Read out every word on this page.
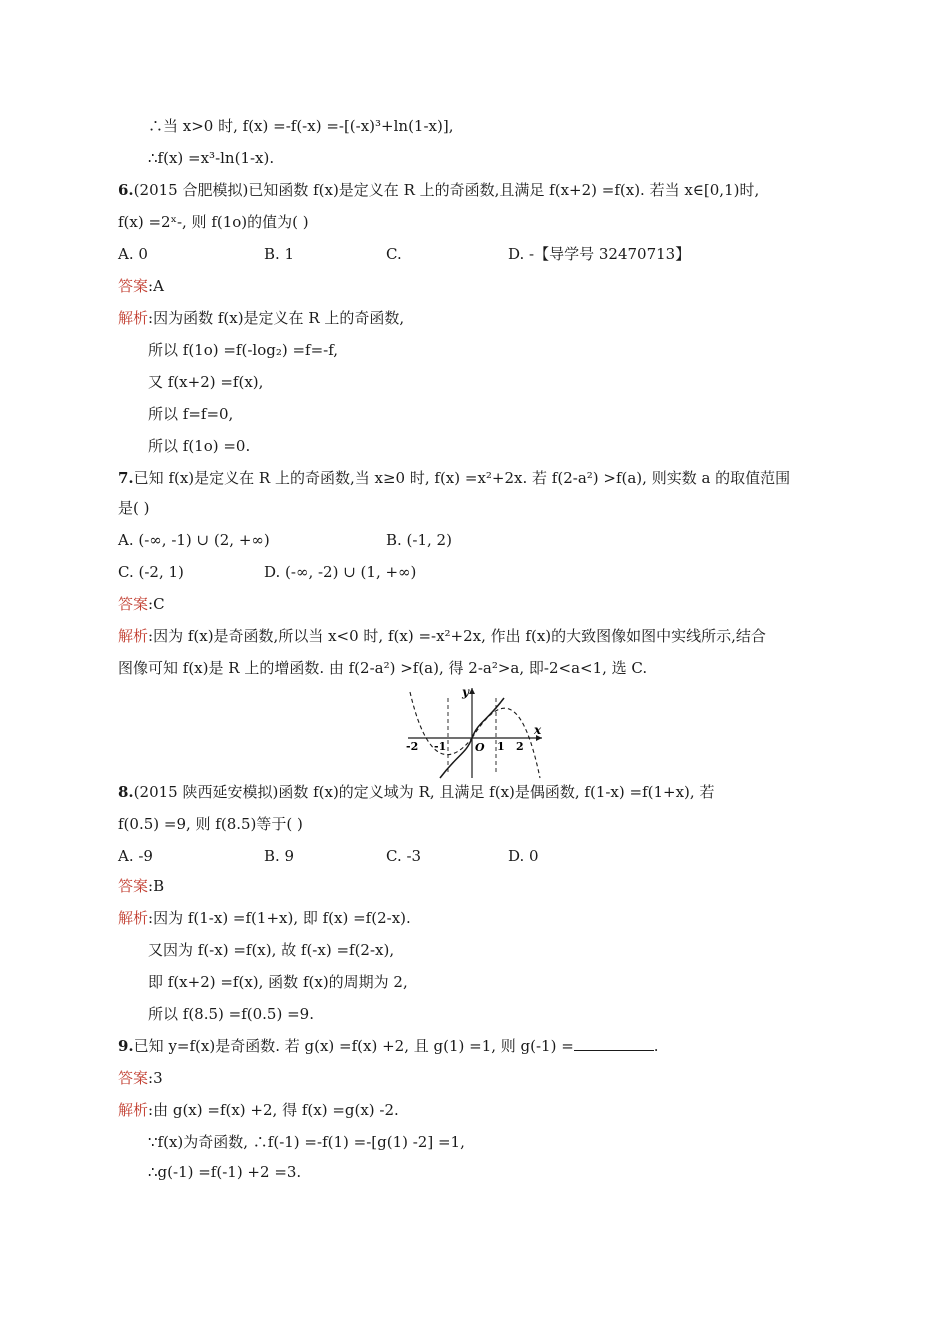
∴当 x>0 时, f(x) =-f(-x) =-[(-x)³+ln(1-x)],
∴f(x) =x³-ln(1-x).
6.(2015 合肥模拟)已知函数 f(x)是定义在 R 上的奇函数,且满足 f(x+2) =f(x). 若当 x∈[0,1)时,
f(x) =2ˣ-, 则 f(1o)的值为( )
A. 0	B. 1	C.	D. -【导学号 32470713】
答案:A
解析:因为函数 f(x)是定义在 R 上的奇函数,
所以 f(1o) =f(-log₂) =f=-f,
又 f(x+2) =f(x),
所以 f=f=0,
所以 f(1o) =0.
7.已知 f(x)是定义在 R 上的奇函数,当 x≥0 时, f(x) =x²+2x. 若 f(2-a²) >f(a), 则实数 a 的取值范围
是( )
A. (-∞, -1) ∪ (2, +∞)	B. (-1, 2)
C. (-2, 1)	D. (-∞, -2) ∪ (1, +∞)
答案:C
解析:因为 f(x)是奇函数,所以当 x<0 时, f(x) =-x²+2x, 作出 f(x)的大致图像如图中实线所示,结合
图像可知 f(x)是 R 上的增函数. 由 f(2-a²) >f(a), 得 2-a²>a, 即-2<a<1, 选 C.
y
x
O
-2 -1	1 2
8.(2015 陕西延安模拟)函数 f(x)的定义域为 R, 且满足 f(x)是偶函数, f(1-x) =f(1+x), 若
f(0.5) =9, 则 f(8.5)等于( )
A. -9	B. 9	C. -3	D. 0
答案:B
解析:因为 f(1-x) =f(1+x), 即 f(x) =f(2-x).
又因为 f(-x) =f(x), 故 f(-x) =f(2-x),
即 f(x+2) =f(x), 函数 f(x)的周期为 2,
所以 f(8.5) =f(0.5) =9.
9.已知 y=f(x)是奇函数. 若 g(x) =f(x) +2, 且 g(1) =1, 则 g(-1) =	.
答案:3
解析:由 g(x) =f(x) +2, 得 f(x) =g(x) -2.
∵f(x)为奇函数, ∴f(-1) =-f(1) =-[g(1) -2] =1,
∴g(-1) =f(-1) +2 =3.
